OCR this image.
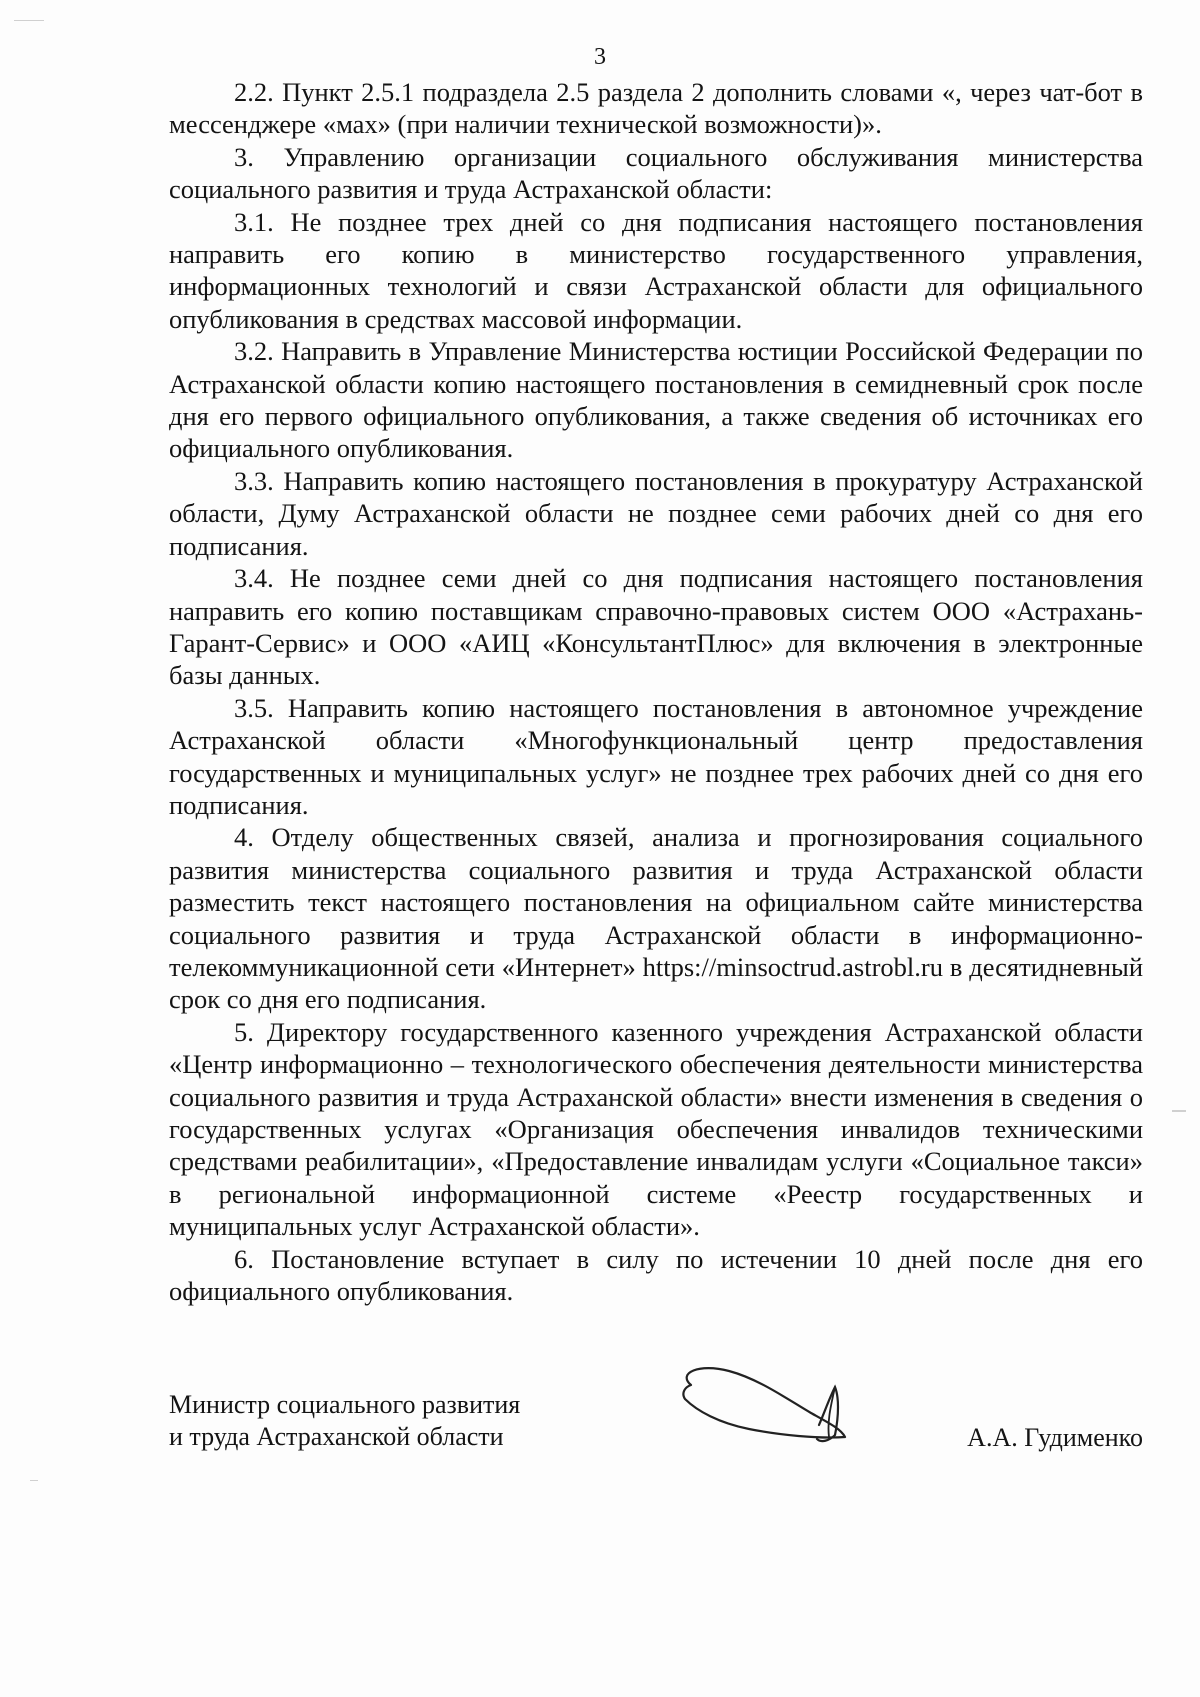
3

2.2. Пункт 2.5.1 подраздела 2.5 раздела 2 дополнить словами «, через чат-бот в мессенджере «мах» (при наличии технической возможности)».

3. Управлению организации социального обслуживания министерства социального развития и труда Астраханской области:

3.1. Не позднее трех дней со дня подписания настоящего постановления направить его копию в министерство государственного управления, информационных технологий и связи Астраханской области для официального опубликования в средствах массовой информации.

3.2. Направить в Управление Министерства юстиции Российской Федерации по Астраханской области копию настоящего постановления в семидневный срок после дня его первого официального опубликования, а также сведения об источниках его официального опубликования.

3.3. Направить копию настоящего постановления в прокуратуру Астраханской области, Думу Астраханской области не позднее семи рабочих дней со дня его подписания.

3.4. Не позднее семи дней со дня подписания настоящего постановления направить его копию поставщикам справочно-правовых систем ООО «Астрахань-Гарант-Сервис» и ООО «АИЦ «КонсультантПлюс» для включения в электронные базы данных.

3.5. Направить копию настоящего постановления в автономное учреждение Астраханской области «Многофункциональный центр предоставления государственных и муниципальных услуг» не позднее трех рабочих дней со дня его подписания.

4. Отделу общественных связей, анализа и прогнозирования социального развития министерства социального развития и труда Астраханской области разместить текст настоящего постановления на официальном сайте министерства социального развития и труда Астраханской области в информационно-телекоммуникационной сети «Интернет» https://minsoctrud.astrobl.ru в десятидневный срок со дня его подписания.

5. Директору государственного казенного учреждения Астраханской области «Центр информационно – технологического обеспечения деятельности министерства социального развития и труда Астраханской области» внести изменения в сведения о государственных услугах «Организация обеспечения инвалидов техническими средствами реабилитации», «Предоставление инвалидам услуги «Социальное такси» в региональной информационной системе «Реестр государственных и муниципальных услуг Астраханской области».

6. Постановление вступает в силу по истечении 10 дней после дня его официального опубликования.

Министр социального развития
и труда Астраханской области	А.А. Гудименко
